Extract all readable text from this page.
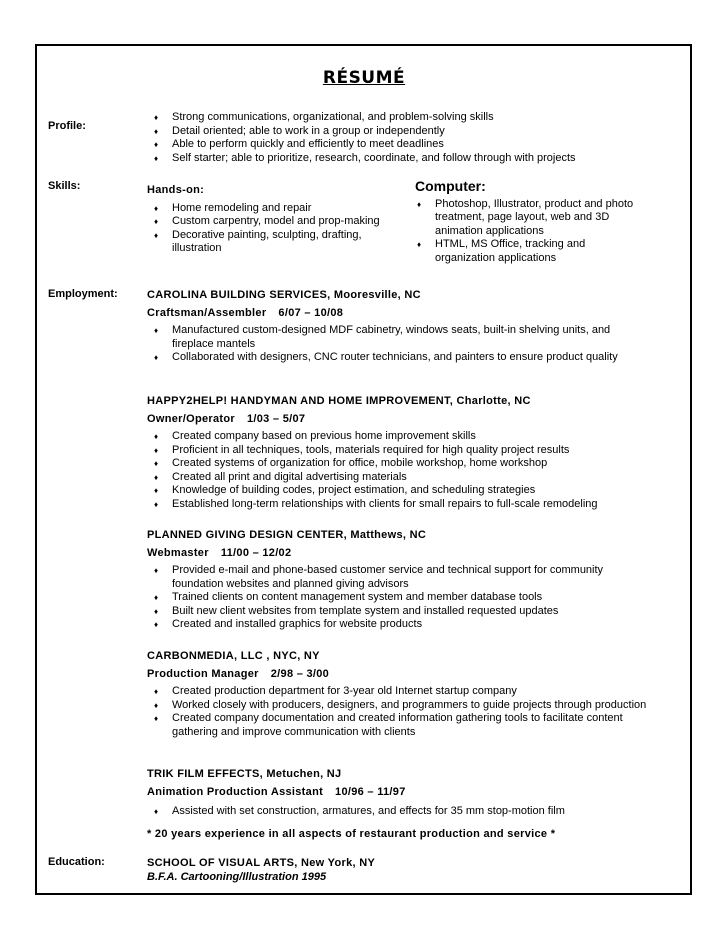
RÉSUMÉ
Profile:
♦ Strong communications, organizational, and problem-solving skills
♦ Detail oriented; able to work in a group or independently
♦ Able to perform quickly and efficiently to meet deadlines
♦ Self starter; able to prioritize, research, coordinate, and follow through with projects
Skills:	Hands-on:
♦ Home remodeling and repair
♦ Custom carpentry, model and prop-making
♦ Decorative painting, sculpting, drafting, illustration
Computer:
♦ Photoshop, Illustrator, product and photo treatment, page layout, web and 3D animation applications
♦ HTML, MS Office, tracking and organization applications
Employment:	CAROLINA BUILDING SERVICES, Mooresville, NC
Craftsman/Assembler 6/07 – 10/08
♦ Manufactured custom-designed MDF cabinetry, windows seats, built-in shelving units, and fireplace mantels
♦ Collaborated with designers, CNC router technicians, and painters to ensure product quality
HAPPY2HELP! HANDYMAN AND HOME IMPROVEMENT, Charlotte, NC
Owner/Operator 1/03 – 5/07
♦ Created company based on previous home improvement skills
♦ Proficient in all techniques, tools, materials required for high quality project results
♦ Created systems of organization for office, mobile workshop, home workshop
♦ Created all print and digital advertising materials
♦ Knowledge of building codes, project estimation, and scheduling strategies
♦ Established long-term relationships with clients for small repairs to full-scale remodeling
PLANNED GIVING DESIGN CENTER, Matthews, NC
Webmaster 11/00 – 12/02
♦ Provided e-mail and phone-based customer service and technical support for community foundation websites and planned giving advisors
♦ Trained clients on content management system and member database tools
♦ Built new client websites from template system and installed requested updates
♦ Created and installed graphics for website products
CARBONMEDIA, LLC , NYC, NY
Production Manager 2/98 – 3/00
♦ Created production department for 3-year old Internet startup company
♦ Worked closely with producers, designers, and programmers to guide projects through production
♦ Created company documentation and created information gathering tools to facilitate content gathering and improve communication with clients
TRIK FILM EFFECTS, Metuchen, NJ
Animation Production Assistant 10/96 – 11/97
♦ Assisted with set construction, armatures, and effects for 35 mm stop-motion film
* 20 years experience in all aspects of restaurant production and service *
Education:	SCHOOL OF VISUAL ARTS, New York, NY
B.F.A. Cartooning/Illustration 1995
